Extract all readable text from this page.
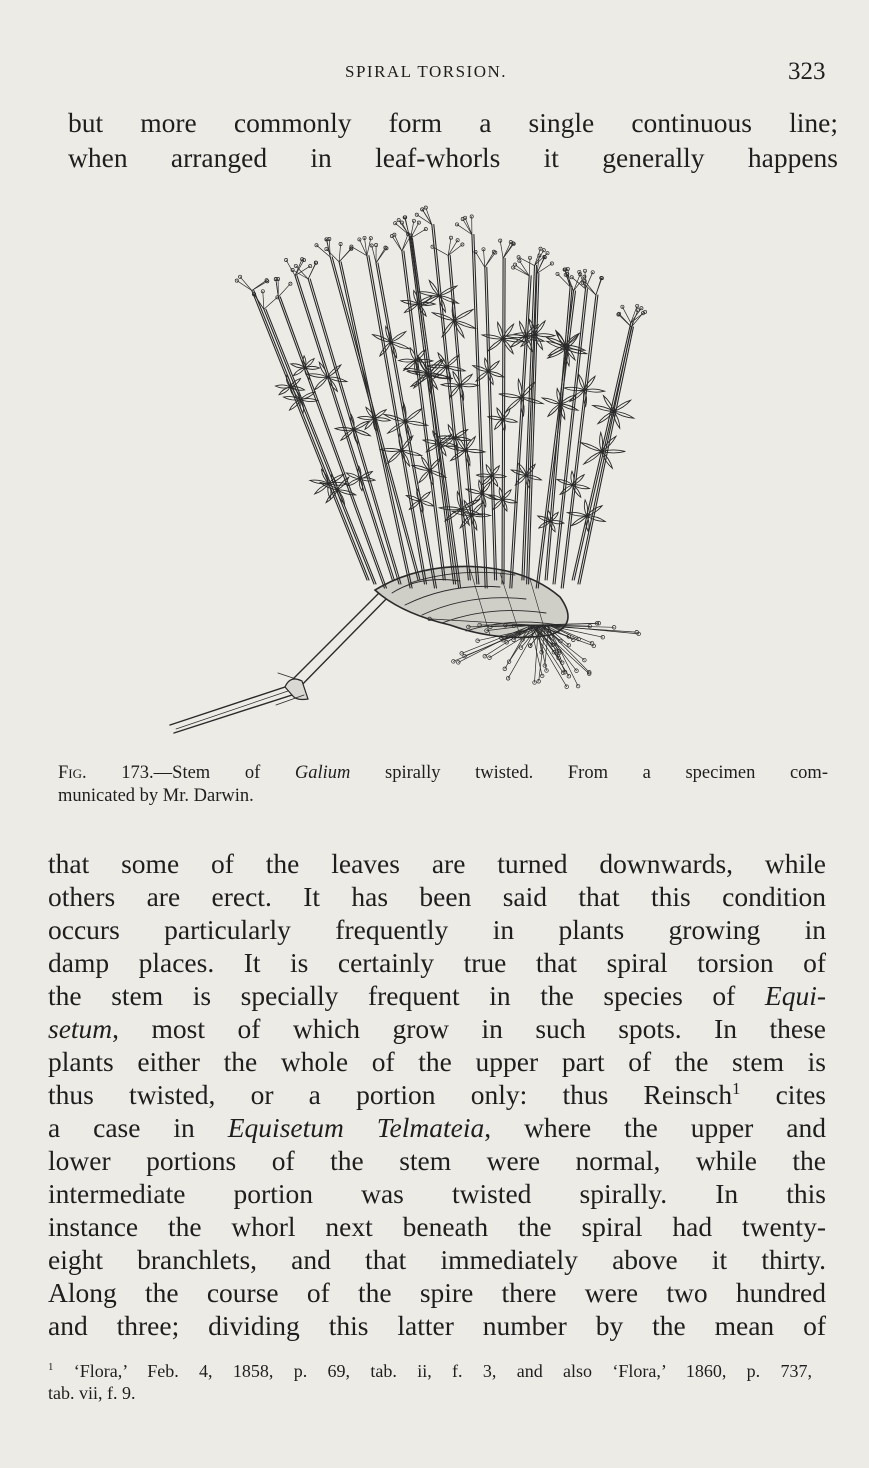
SPIRAL TORSION.	323
but more commonly form a single continuous line;
when arranged in leaf-whorls it generally happens
Fig. 173.—Stem of Galium spirally twisted. From a specimen com-
municated by Mr. Darwin.
that some of the leaves are turned downwards, while
others are erect. It has been said that this condition
occurs particularly frequently in plants growing in
damp places. It is certainly true that spiral torsion of
the stem is specially frequent in the species of Equi-
setum, most of which grow in such spots. In these
plants either the whole of the upper part of the stem is
thus twisted, or a portion only: thus Reinsch$^1$ cites
a case in Equisetum Telmateia, where the upper and
lower portions of the stem were normal, while the
intermediate portion was twisted spirally. In this
instance the whorl next beneath the spiral had twenty-
eight branchlets, and that immediately above it thirty.
Along the course of the spire there were two hundred
and three; dividing this latter number by the mean of
$^1$ ‘Flora,’ Feb. 4, 1858, p. 69, tab. ii, f. 3, and also ‘Flora,’ 1860, p. 737,
tab. vii, f. 9.
